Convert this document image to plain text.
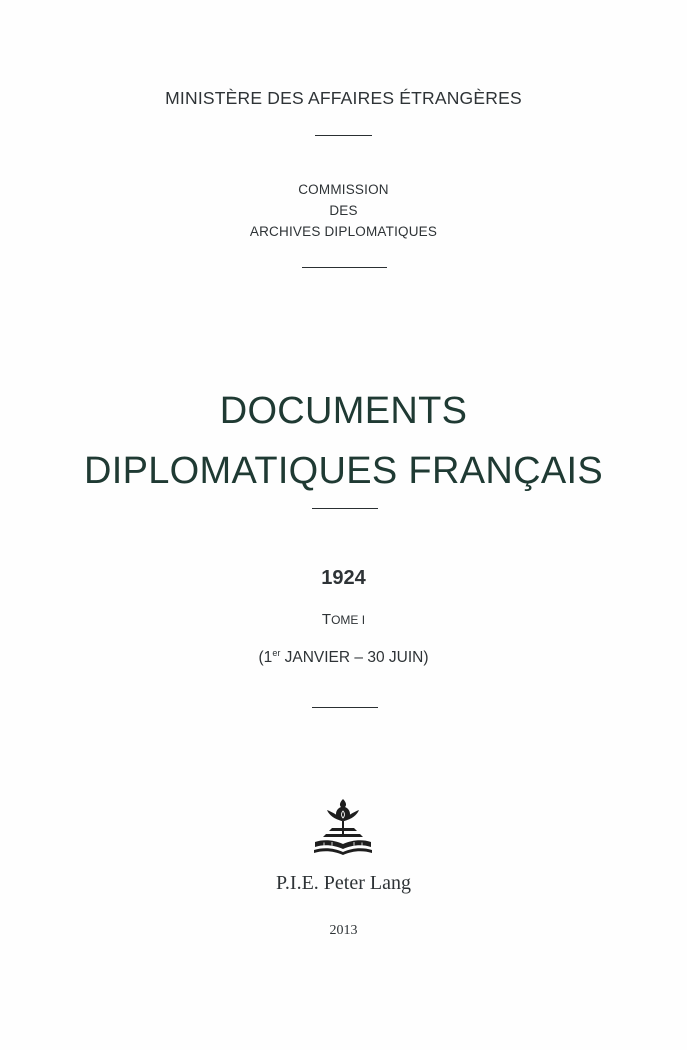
MINISTÈRE DES AFFAIRES ÉTRANGÈRES
COMMISSION
DES
ARCHIVES DIPLOMATIQUES
DOCUMENTS
DIPLOMATIQUES FRANÇAIS
1924
TOME I
(1er JANVIER – 30 JUIN)
P.I.E. Peter Lang
2013
